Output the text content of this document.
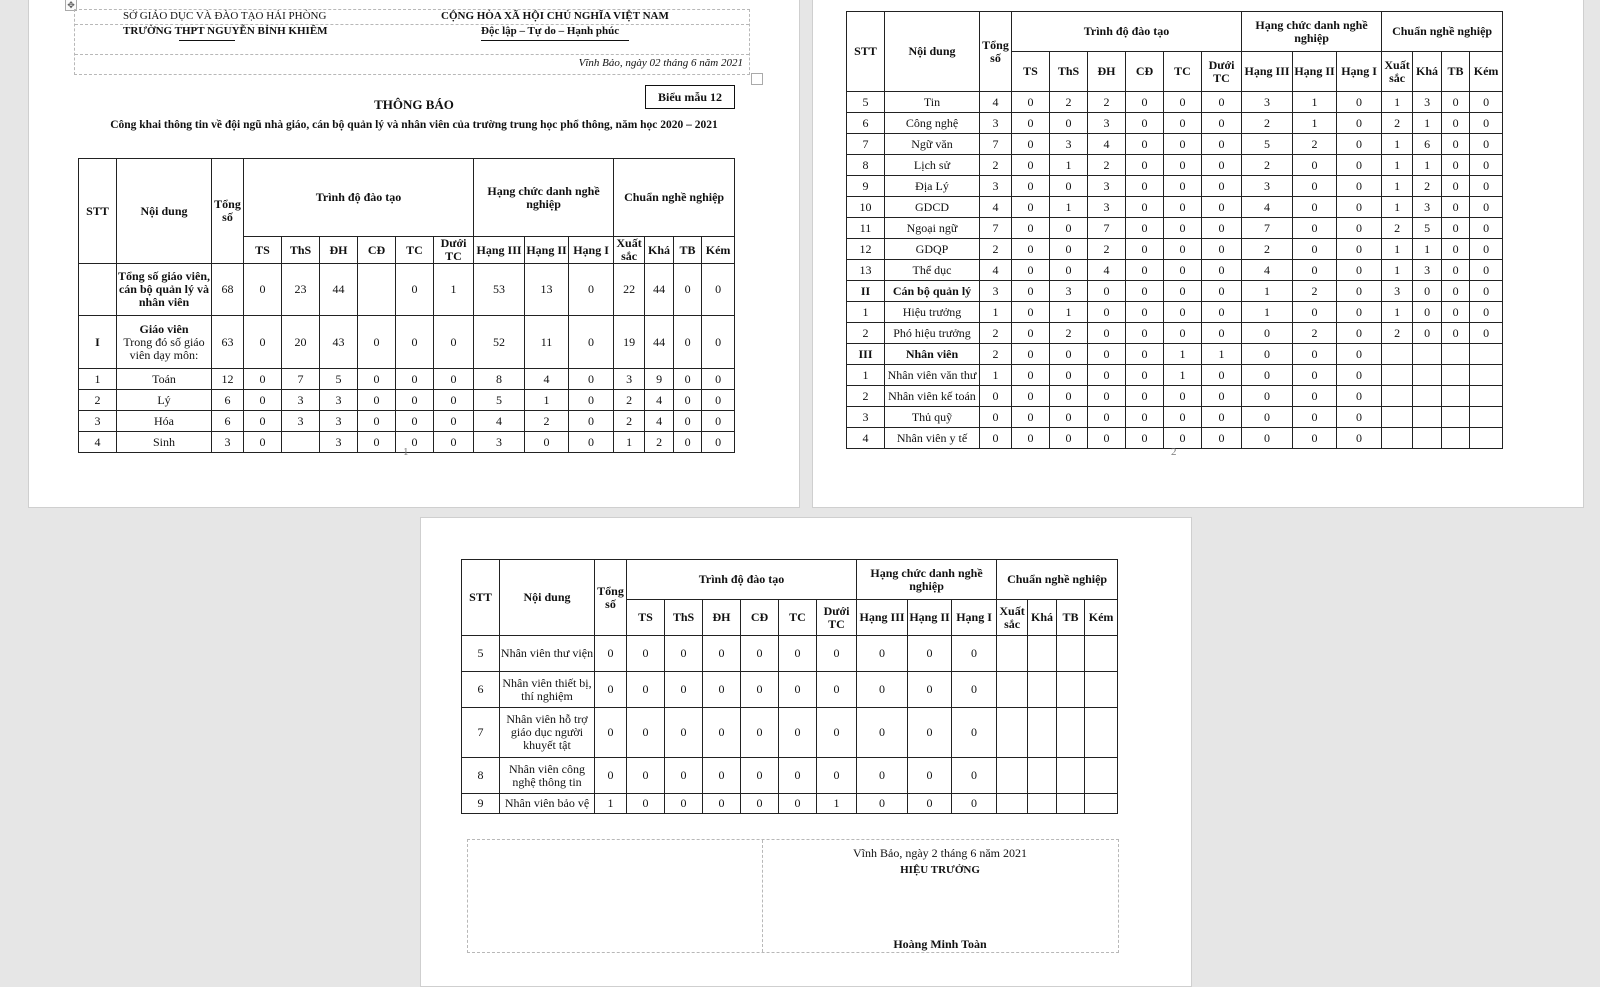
✥
SỞ GIÁO DỤC VÀ ĐÀO TẠO HẢI PHÒNG
TRƯỜNG THPT NGUYỄN BỈNH KHIÊM
CỘNG HÒA XÃ HỘI CHỦ NGHĨA VIỆT NAM
Độc lập – Tự do – Hạnh phúc
Vĩnh Bảo, ngày 02 tháng 6 năm 2021
Biểu mẫu 12
THÔNG BÁO
Công khai thông tin về đội ngũ nhà giáo, cán bộ quản lý và nhân viên của trường trung học phổ thông, năm học 2020 – 2021
STT	Nội dung	Tổng số	Trình độ đào tạo						Hạng chức danh nghề nghiệp			Chuẩn nghề nghiệp			
			TS	ThS	ĐH	CĐ	TC	Dưới TC	Hạng III	Hạng II	Hạng I	Xuất sắc	Khá	TB	Kém
	Tổng số giáo viên, cán bộ quản lý và nhân viên	68	0	23	44		0	1	53	13	0	22	44	0	0
I	Giáo viên
Trong đó số giáo viên dạy môn:	63	0	20	43	0	0	0	52	11	0	19	44	0	0
1	Toán	12	0	7	5	0	0	0	8	4	0	3	9	0	0
2	Lý	6	0	3	3	0	0	0	5	1	0	2	4	0	0
3	Hóa	6	0	3	3	0	0	0	4	2	0	2	4	0	0
4	Sinh	3	0		3	0	0	0	3	0	0	1	2	0	0
1
STT	Nội dung	Tổng số	Trình độ đào tạo						Hạng chức danh nghề nghiệp			Chuẩn nghề nghiệp			
			TS	ThS	ĐH	CĐ	TC	Dưới TC	Hạng III	Hạng II	Hạng I	Xuất sắc	Khá	TB	Kém
5	Tin	4	0	2	2	0	0	0	3	1	0	1	3	0	0
6	Công nghệ	3	0	0	3	0	0	0	2	1	0	2	1	0	0
7	Ngữ văn	7	0	3	4	0	0	0	5	2	0	1	6	0	0
8	Lịch sử	2	0	1	2	0	0	0	2	0	0	1	1	0	0
9	Địa Lý	3	0	0	3	0	0	0	3	0	0	1	2	0	0
10	GDCD	4	0	1	3	0	0	0	4	0	0	1	3	0	0
11	Ngoại ngữ	7	0	0	7	0	0	0	7	0	0	2	5	0	0
12	GDQP	2	0	0	2	0	0	0	2	0	0	1	1	0	0
13	Thể dục	4	0	0	4	0	0	0	4	0	0	1	3	0	0
II	Cán bộ quản lý	3	0	3	0	0	0	0	1	2	0	3	0	0	0
1	Hiệu trưởng	1	0	1	0	0	0	0	1	0	0	1	0	0	0
2	Phó hiệu trưởng	2	0	2	0	0	0	0	0	2	0	2	0	0	0
III	Nhân viên	2	0	0	0	0	1	1	0	0	0				
1	Nhân viên văn thư	1	0	0	0	0	1	0	0	0	0				
2	Nhân viên kế toán	0	0	0	0	0	0	0	0	0	0				
3	Thủ quỹ	0	0	0	0	0	0	0	0	0	0				
4	Nhân viên y tế	0	0	0	0	0	0	0	0	0	0				
2
STT	Nội dung	Tổng số	Trình độ đào tạo						Hạng chức danh nghề nghiệp			Chuẩn nghề nghiệp			
			TS	ThS	ĐH	CĐ	TC	Dưới TC	Hạng III	Hạng II	Hạng I	Xuất sắc	Khá	TB	Kém
5	Nhân viên thư viện	0	0	0	0	0	0	0	0	0	0				
6	Nhân viên thiết bị, thí nghiệm	0	0	0	0	0	0	0	0	0	0				
7	Nhân viên hỗ trợ giáo dục người khuyết tật	0	0	0	0	0	0	0	0	0	0				
8	Nhân viên công nghệ thông tin	0	0	0	0	0	0	0	0	0	0				
9	Nhân viên bảo vệ	1	0	0	0	0	0	1	0	0	0				
Vĩnh Bảo, ngày 2 tháng 6 năm 2021
HIỆU TRƯỞNG
Hoàng Minh Toàn
